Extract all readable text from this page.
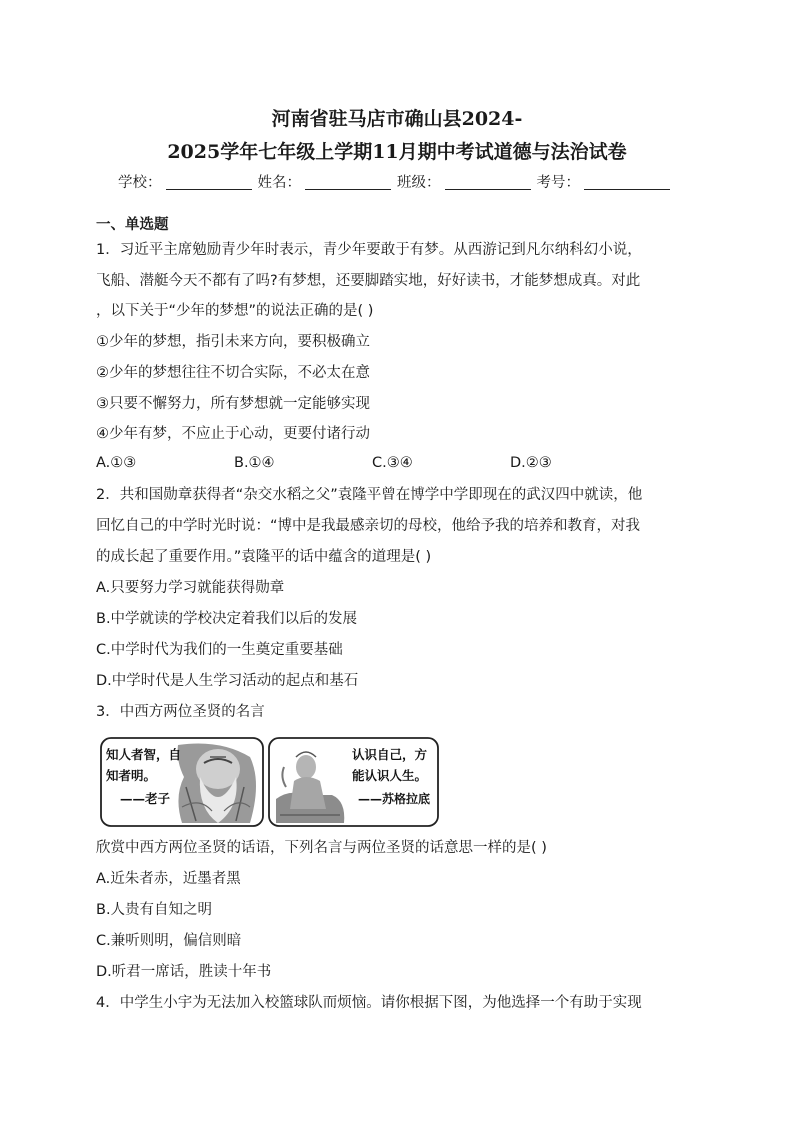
河南省驻马店市确山县2024-
2025学年七年级上学期11月期中考试道德与法治试卷
学校：	姓名：	班级：	考号：
一、单选题
1．习近平主席勉励青少年时表示，青少年要敢于有梦。从西游记到凡尔纳科幻小说，
飞船、潜艇今天不都有了吗?有梦想，还要脚踏实地，好好读书，才能梦想成真。对此
，以下关于“少年的梦想”的说法正确的是( )
①少年的梦想，指引未来方向，要积极确立
②少年的梦想往往不切合实际，不必太在意
③只要不懈努力，所有梦想就一定能够实现
④少年有梦，不应止于心动，更要付诸行动
A.①③	B.①④	C.③④	D.②③
2．共和国勋章获得者“杂交水稻之父”袁隆平曾在博学中学即现在的武汉四中就读，他
回忆自己的中学时光时说：“博中是我最感亲切的母校，他给予我的培养和教育，对我
的成长起了重要作用。”袁隆平的话中蕴含的道理是( )
A.只要努力学习就能获得勋章
B.中学就读的学校决定着我们以后的发展
C.中学时代为我们的一生奠定重要基础
D.中学时代是人生学习活动的起点和基石
3．中西方两位圣贤的名言
知人者智，自
知者明。
——老子
认识自己，方
能认识人生。
——苏格拉底
欣赏中西方两位圣贤的话语，下列名言与两位圣贤的话意思一样的是( )
A.近朱者赤，近墨者黑
B.人贵有自知之明
C.兼听则明，偏信则暗
D.听君一席话，胜读十年书
4．中学生小宇为无法加入校篮球队而烦恼。请你根据下图，为他选择一个有助于实现
